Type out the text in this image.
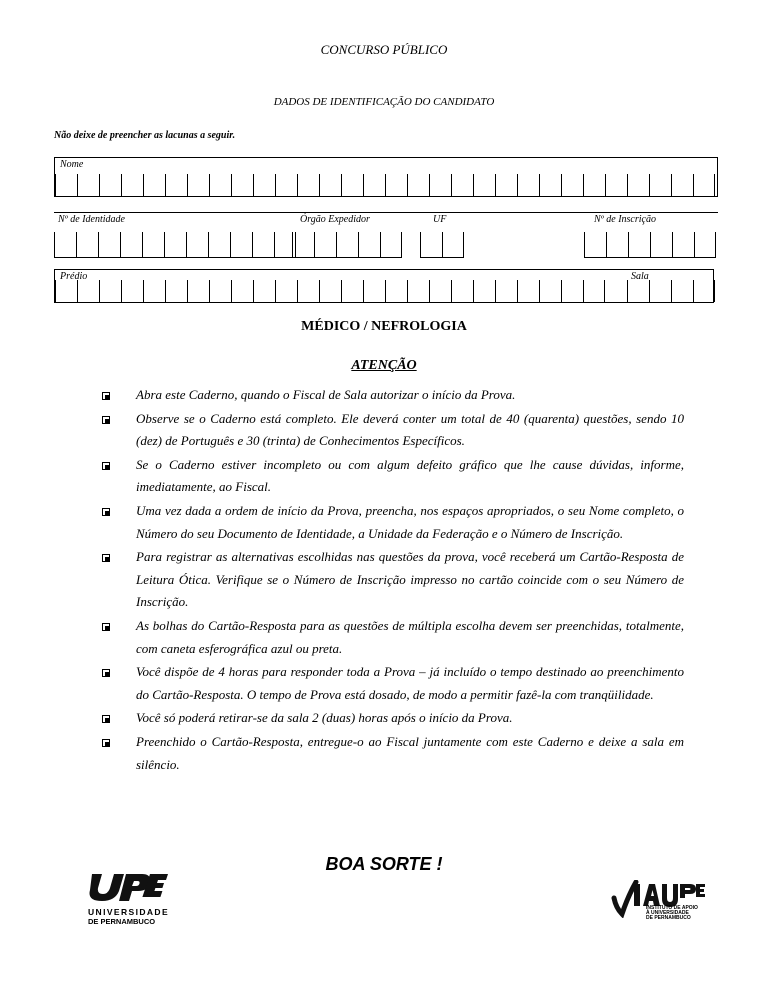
CONCURSO PÚBLICO
DADOS DE IDENTIFICAÇÃO DO CANDIDATO
Não deixe de preencher as lacunas a seguir.
Nome
Nº de Identidade	Órgão Expedidor	UF	Nº de Inscrição
Prédio	Sala
MÉDICO / NEFROLOGIA
ATENÇÃO
Abra este Caderno, quando o Fiscal de Sala autorizar o início da Prova.
Observe se o Caderno está completo. Ele deverá conter um total de 40 (quarenta) questões, sendo 10 (dez) de Português e 30 (trinta) de Conhecimentos Específicos.
Se o Caderno estiver incompleto ou com algum defeito gráfico que lhe cause dúvidas, informe, imediatamente, ao Fiscal.
Uma vez dada a ordem de início da Prova, preencha, nos espaços apropriados, o seu Nome completo, o Número do seu Documento de Identidade, a Unidade da Federação e o Número de Inscrição.
Para registrar as alternativas escolhidas nas questões da prova, você receberá um Cartão-Resposta de Leitura Ótica. Verifique se o Número de Inscrição impresso no cartão coincide com o seu Número de Inscrição.
As bolhas do Cartão-Resposta para as questões de múltipla escolha devem ser preenchidas, totalmente, com caneta esferográfica azul ou preta.
Você dispõe de 4 horas para responder toda a Prova – já incluído o tempo destinado ao preenchimento do Cartão-Resposta. O tempo de Prova está dosado, de modo a permitir fazê-la com tranqüilidade.
Você só poderá retirar-se da sala 2 (duas) horas após o início da Prova.
Preenchido o Cartão-Resposta, entregue-o ao Fiscal juntamente com este Caderno e deixe a sala em silêncio.
BOA SORTE !
UNIVERSIDADE
DE PERNAMBUCO
INSTITUTO DE APOIO
À UNIVERSIDADE
DE PERNAMBUCO
